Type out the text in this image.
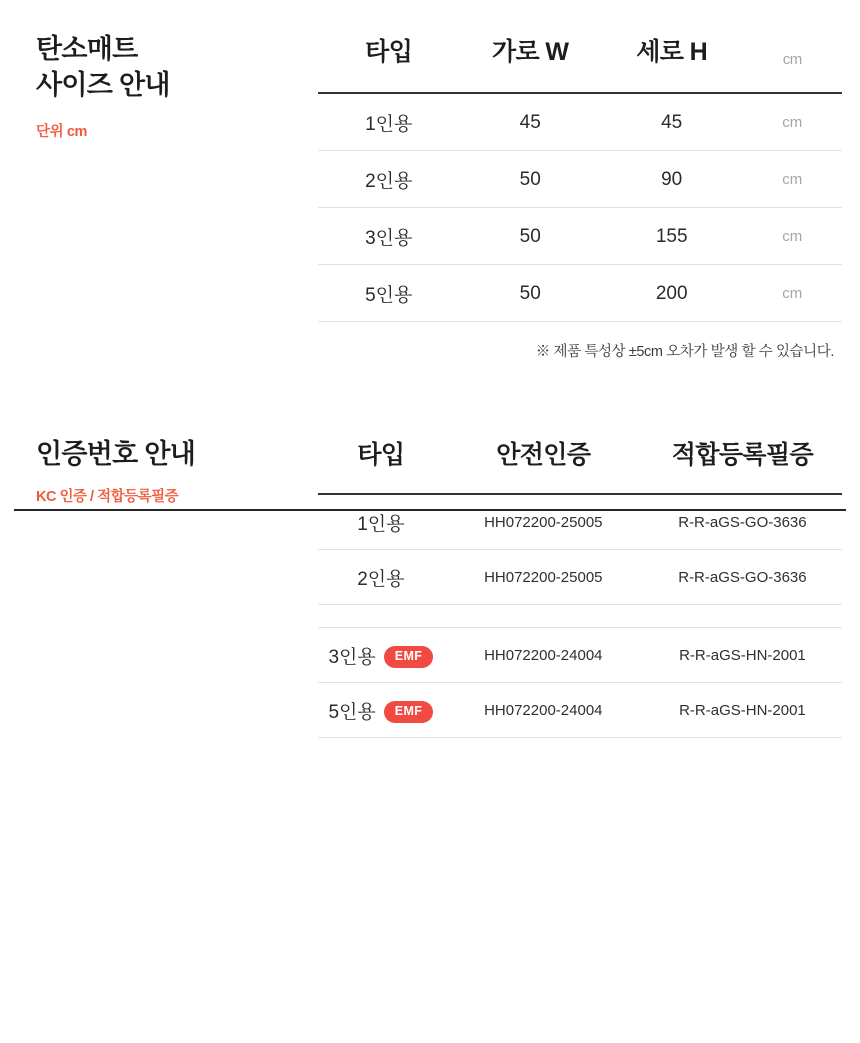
탄소매트
사이즈 안내
단위 cm
타입	가로 W	세로 H	cm
1인용	45	45	cm
2인용	50	90	cm
3인용	50	155	cm
5인용	50	200	cm
※ 제품 특성상 ±5cm 오차가 발생 할 수 있습니다.
인증번호 안내
KC 인증 / 적합등록필증
타입	안전인증	적합등록필증
1인용	HH072200-25005	R-R-aGS-GO-3636
2인용	HH072200-25005	R-R-aGS-GO-3636

3인용 EMF	HH072200-24004	R-R-aGS-HN-2001
5인용 EMF	HH072200-24004	R-R-aGS-HN-2001
